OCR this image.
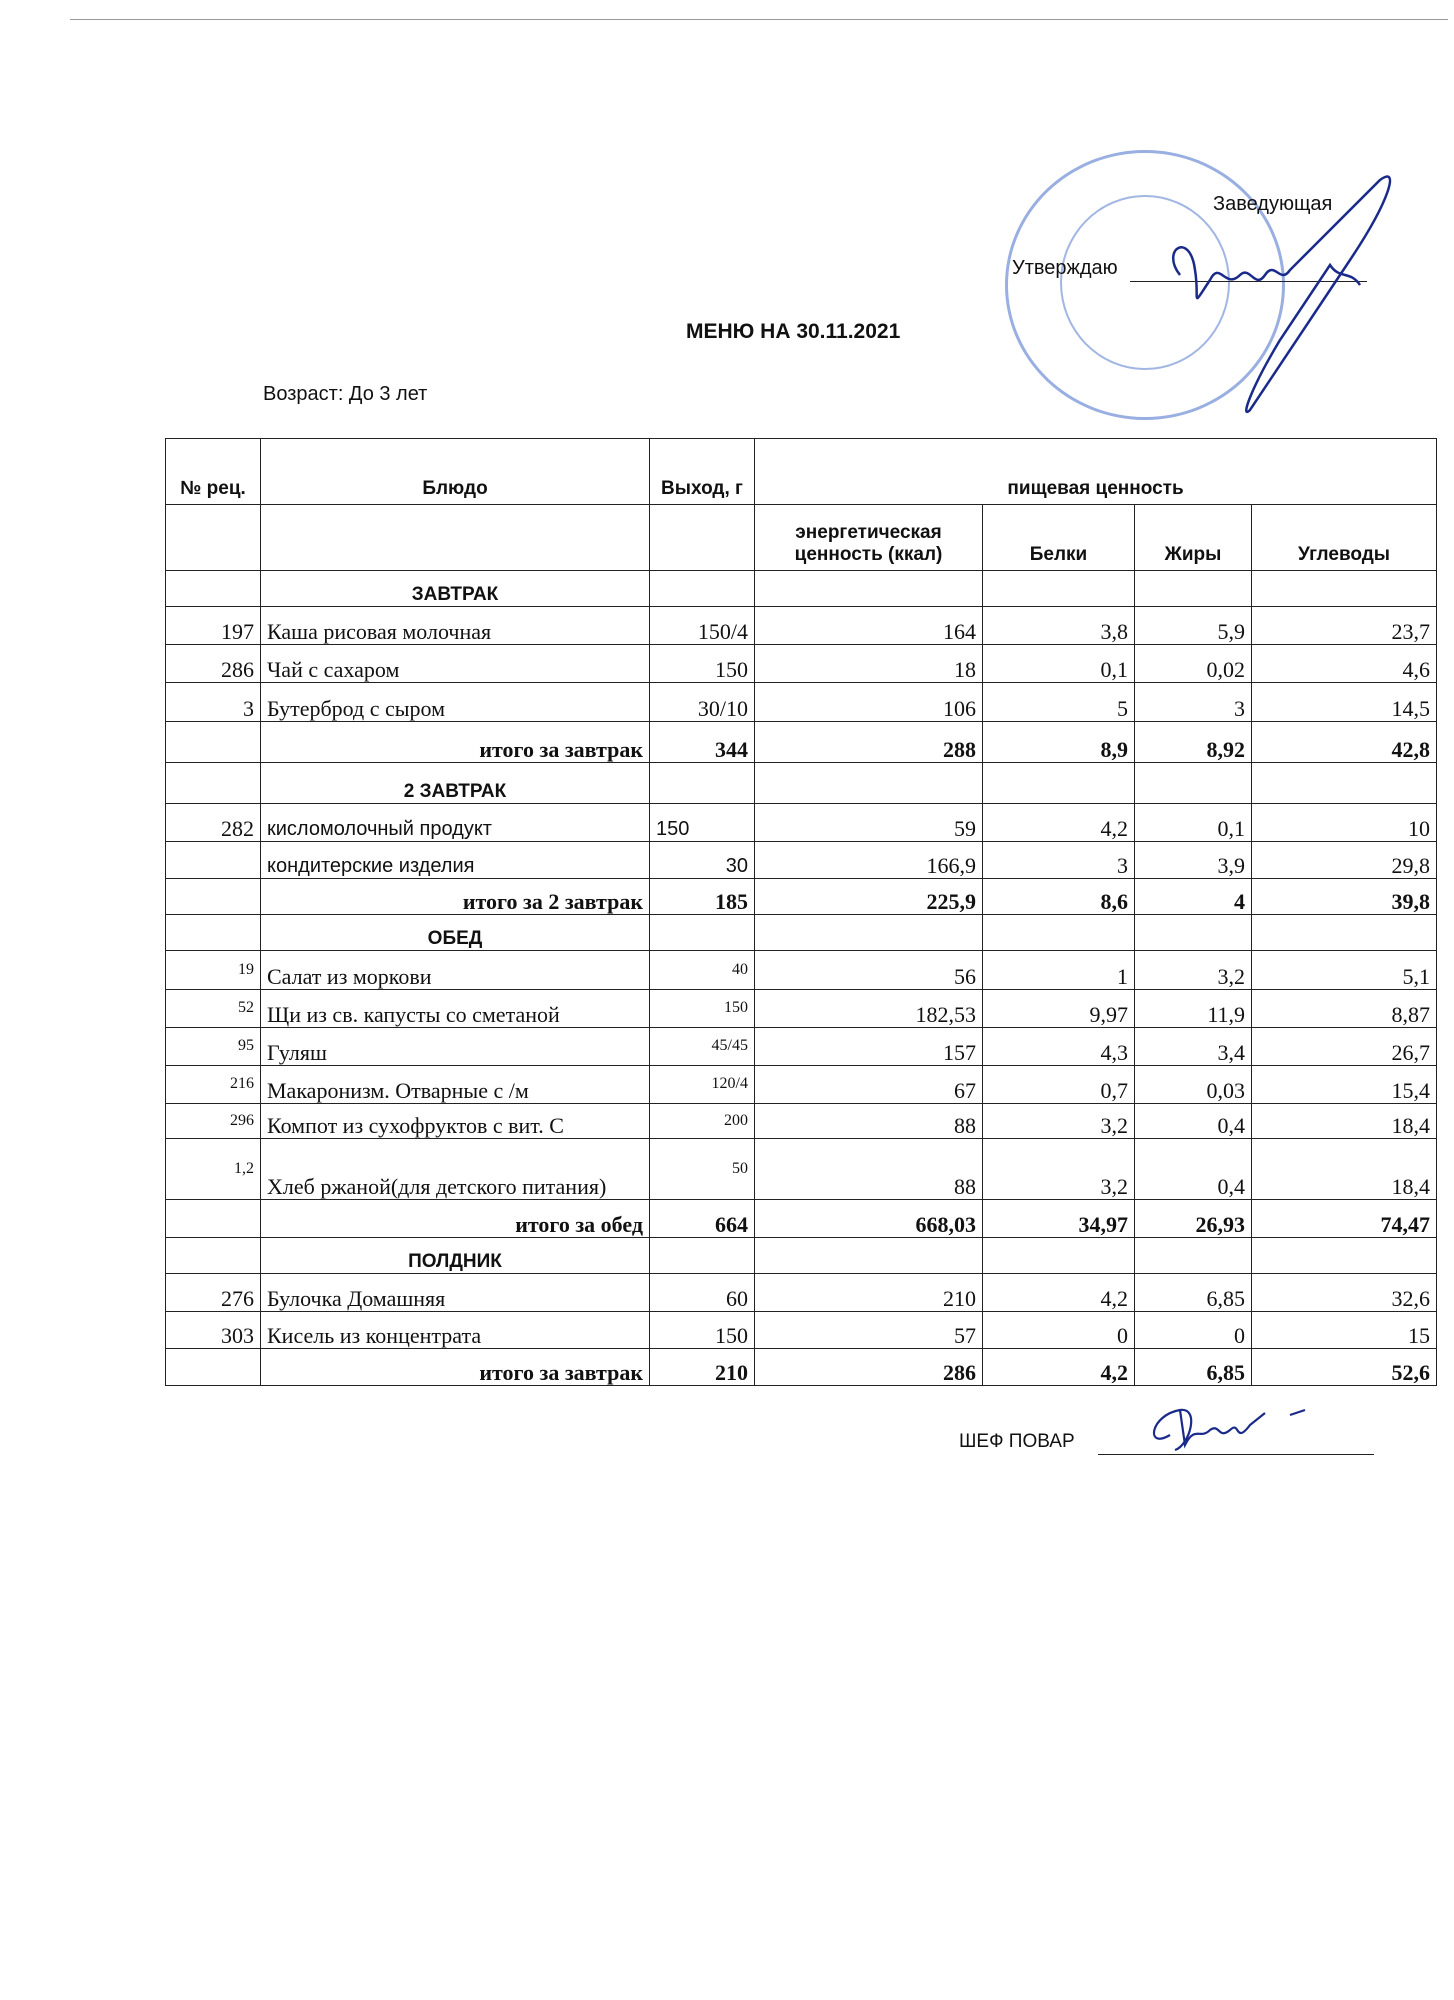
Заведующая
Утверждаю
МЕНЮ НА 30.11.2021
Возраст: До 3 лет
№ рец.	Блюдо	Выход, г	пищевая ценность			
			энергетическая ценность (ккал)	Белки	Жиры	Углеводы
	ЗАВТРАК					
197	Каша рисовая молочная	150/4	164	3,8	5,9	23,7
286	Чай с сахаром	150	18	0,1	0,02	4,6
3	Бутерброд с сыром	30/10	106	5	3	14,5
	итого за завтрак	344	288	8,9	8,92	42,8
	2 ЗАВТРАК					
282	кисломолочный продукт	150	59	4,2	0,1	10
	кондитерские изделия	30	166,9	3	3,9	29,8
	итого за 2 завтрак	185	225,9	8,6	4	39,8
	ОБЕД					
19	Салат из моркови	40	56	1	3,2	5,1
52	Щи из св. капусты со сметаной	150	182,53	9,97	11,9	8,87
95	Гуляш	45/45	157	4,3	3,4	26,7
216	Макаронизм. Отварные с /м	120/4	67	0,7	0,03	15,4
296	Компот из сухофруктов с вит. С	200	88	3,2	0,4	18,4
1,2	Хлеб ржаной(для детского питания)	50	88	3,2	0,4	18,4
	итого за обед	664	668,03	34,97	26,93	74,47
	ПОЛДНИК					
276	Булочка Домашняя	60	210	4,2	6,85	32,6
303	Кисель из концентрата	150	57	0	0	15
	итого за завтрак	210	286	4,2	6,85	52,6
ШЕФ ПОВАР
